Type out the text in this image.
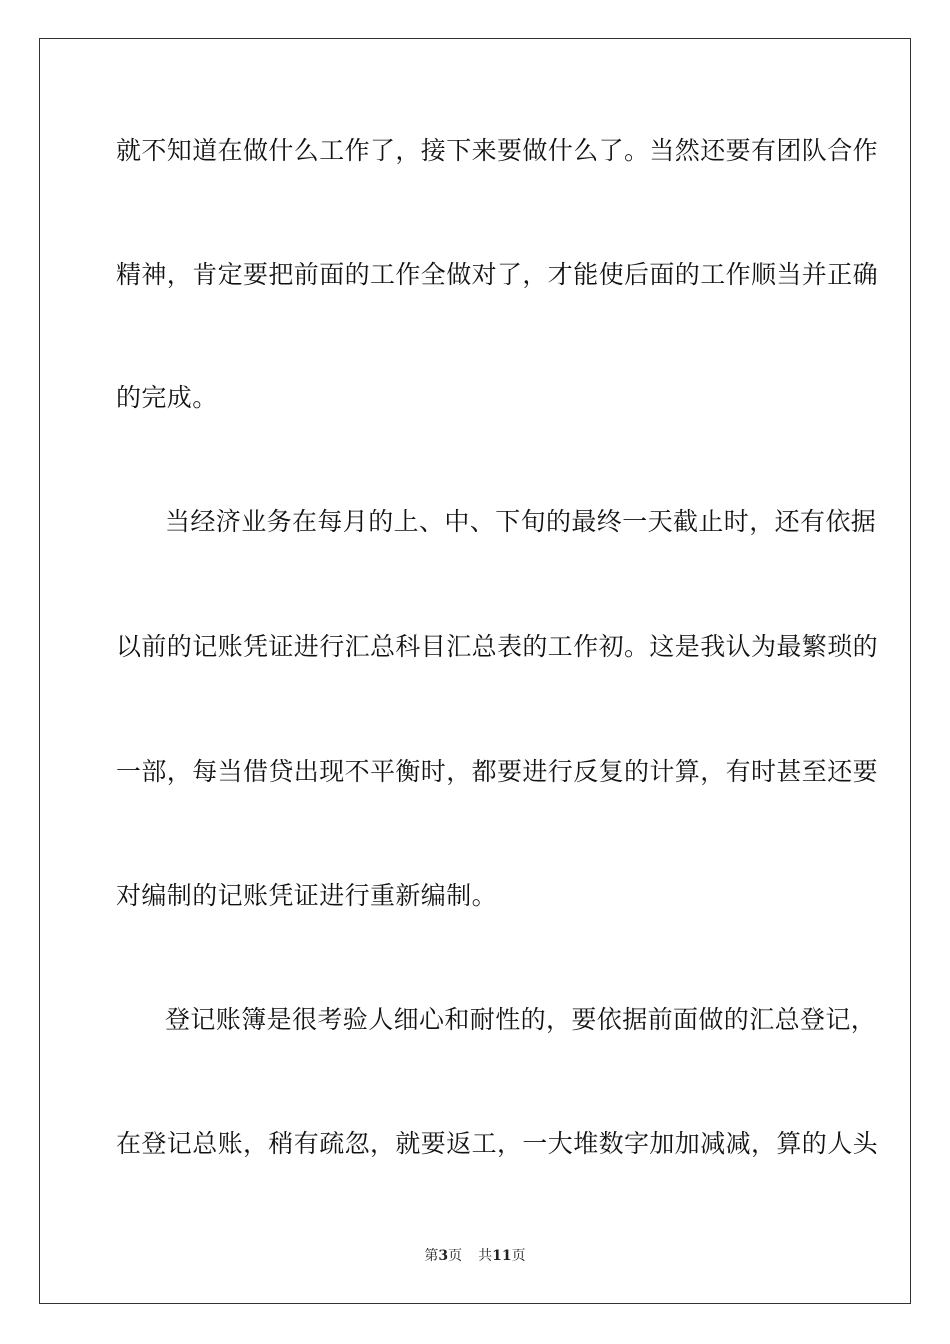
就不知道在做什么工作了，接下来要做什么了。当然还要有团队合作
精神，肯定要把前面的工作全做对了，才能使后面的工作顺当并正确
的完成。
当经济业务在每月的上、中、下旬的最终一天截止时，还有依据
以前的记账凭证进行汇总科目汇总表的工作初。这是我认为最繁琐的
一部，每当借贷出现不平衡时，都要进行反复的计算，有时甚至还要
对编制的记账凭证进行重新编制。
登记账簿是很考验人细心和耐性的，要依据前面做的汇总登记，
在登记总账，稍有疏忽，就要返工，一大堆数字加加减减，算的人头
第3页 共11页
